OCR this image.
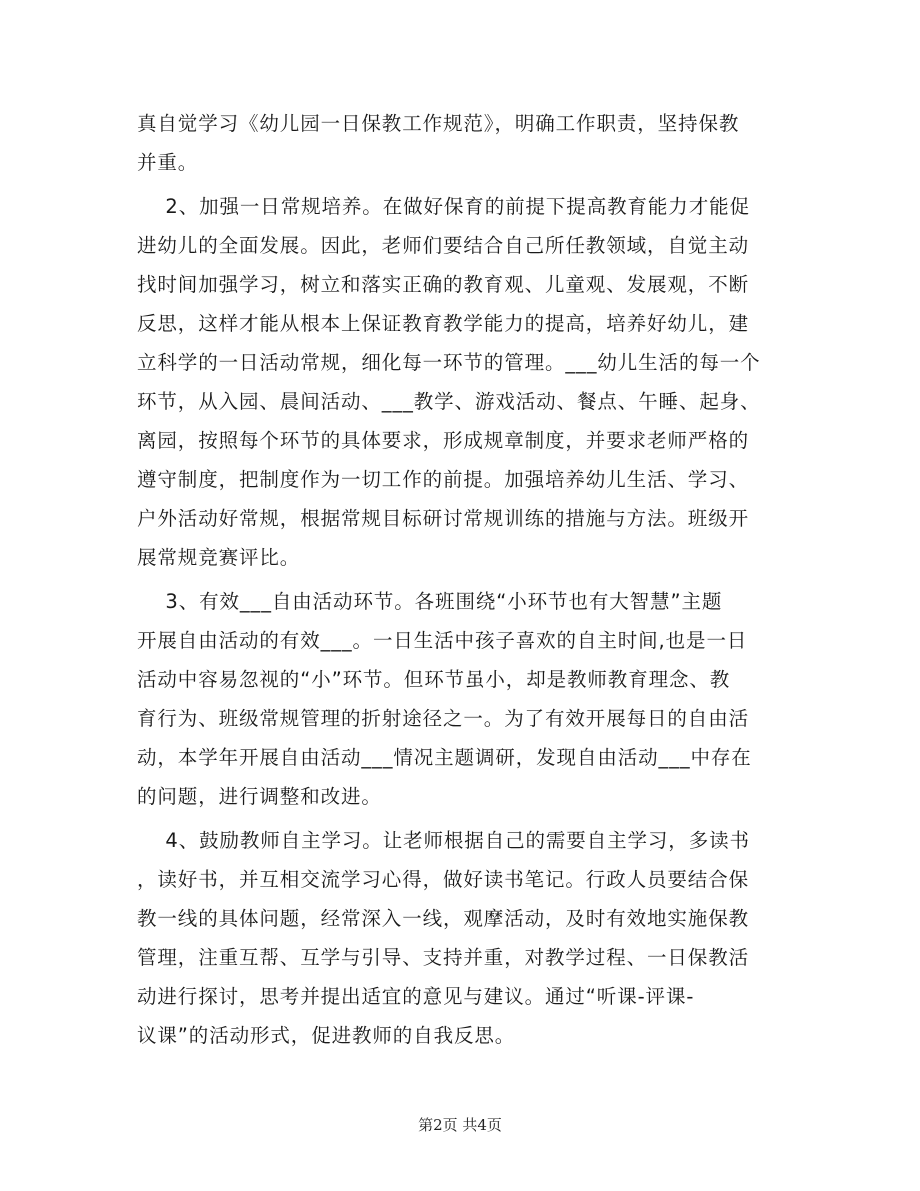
真自觉学习《幼儿园一日保教工作规范》，明确工作职责，坚持保教
并重。
2、加强一日常规培养。在做好保育的前提下提高教育能力才能促
进幼儿的全面发展。因此，老师们要结合自己所任教领域，自觉主动
找时间加强学习，树立和落实正确的教育观、儿童观、发展观，不断
反思，这样才能从根本上保证教育教学能力的提高，培养好幼儿，建
立科学的一日活动常规，细化每一环节的管理。___幼儿生活的每一个
环节，从入园、晨间活动、___教学、游戏活动、餐点、午睡、起身、
离园，按照每个环节的具体要求，形成规章制度，并要求老师严格的
遵守制度，把制度作为一切工作的前提。加强培养幼儿生活、学习、
户外活动好常规，根据常规目标研讨常规训练的措施与方法。班级开
展常规竞赛评比。
3、有效___自由活动环节。各班围绕“小环节也有大智慧”主题
开展自由活动的有效___。一日生活中孩子喜欢的自主时间,也是一日
活动中容易忽视的“小”环节。但环节虽小，却是教师教育理念、教
育行为、班级常规管理的折射途径之一。为了有效开展每日的自由活
动，本学年开展自由活动___情况主题调研，发现自由活动___中存在
的问题，进行调整和改进。
4、鼓励教师自主学习。让老师根据自己的需要自主学习，多读书
，读好书，并互相交流学习心得，做好读书笔记。行政人员要结合保
教一线的具体问题，经常深入一线，观摩活动，及时有效地实施保教
管理，注重互帮、互学与引导、支持并重，对教学过程、一日保教活
动进行探讨，思考并提出适宜的意见与建议。通过“听课-评课-
议课”的活动形式，促进教师的自我反思。
第2页 共4页
